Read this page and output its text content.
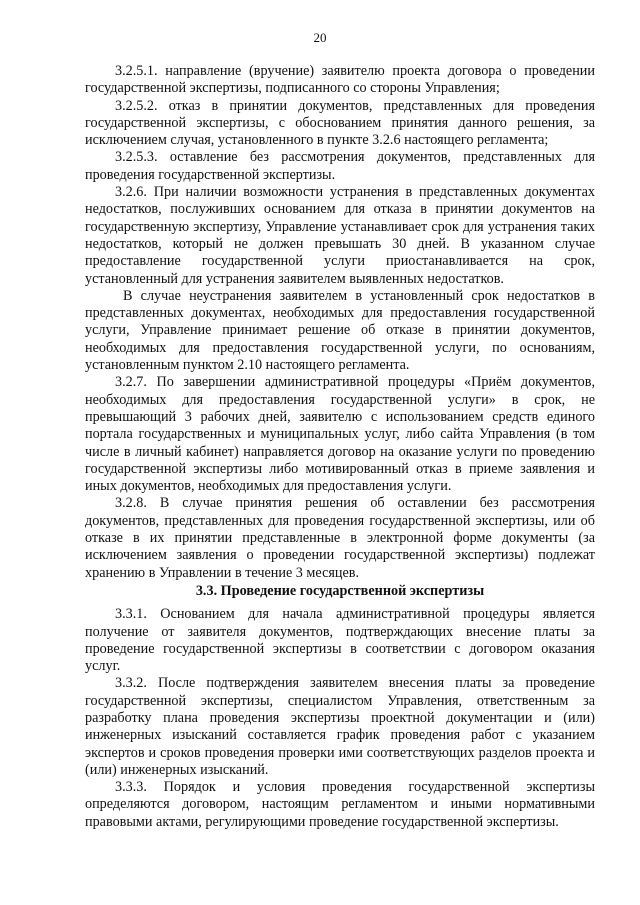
20

3.2.5.1. направление (вручение) заявителю проекта договора о проведении государственной экспертизы, подписанного со стороны Управления;

3.2.5.2. отказ в принятии документов, представленных для проведения государственной экспертизы, с обоснованием принятия данного решения, за исключением случая, установленного в пункте 3.2.6 настоящего регламента;

3.2.5.3. оставление без рассмотрения документов, представленных для проведения государственной экспертизы.

3.2.6. При наличии возможности устранения в представленных документах недостатков, послуживших основанием для отказа в принятии документов на государственную экспертизу, Управление устанавливает срок для устранения таких недостатков, который не должен превышать 30 дней. В указанном случае предоставление государственной услуги приостанавливается на срок, установленный для устранения заявителем выявленных недостатков.

В случае неустранения заявителем в установленный срок недостатков в представленных документах, необходимых для предоставления государственной услуги, Управление принимает решение об отказе в принятии документов, необходимых для предоставления государственной услуги, по основаниям, установленным пунктом 2.10 настоящего регламента.

3.2.7. По завершении административной процедуры «Приём документов, необходимых для предоставления государственной услуги» в срок, не превышающий 3 рабочих дней, заявителю с использованием средств единого портала государственных и муниципальных услуг, либо сайта Управления (в том числе в личный кабинет) направляется договор на оказание услуги по проведению государственной экспертизы либо мотивированный отказ в приеме заявления и иных документов, необходимых для предоставления услуги.

3.2.8. В случае принятия решения об оставлении без рассмотрения документов, представленных для проведения государственной экспертизы, или об отказе в их принятии представленные в электронной форме документы (за исключением заявления о проведении государственной экспертизы) подлежат хранению в Управлении в течение 3 месяцев.

3.3. Проведение государственной экспертизы

3.3.1. Основанием для начала административной процедуры является получение от заявителя документов, подтверждающих внесение платы за проведение государственной экспертизы в соответствии с договором оказания услуг.

3.3.2. После подтверждения заявителем внесения платы за проведение государственной экспертизы, специалистом Управления, ответственным за разработку плана проведения экспертизы проектной документации и (или) инженерных изысканий составляется график проведения работ с указанием экспертов и сроков проведения проверки ими соответствующих разделов проекта и (или) инженерных изысканий.

3.3.3. Порядок и условия проведения государственной экспертизы определяются договором, настоящим регламентом и иными нормативными правовыми актами, регулирующими проведение государственной экспертизы.
